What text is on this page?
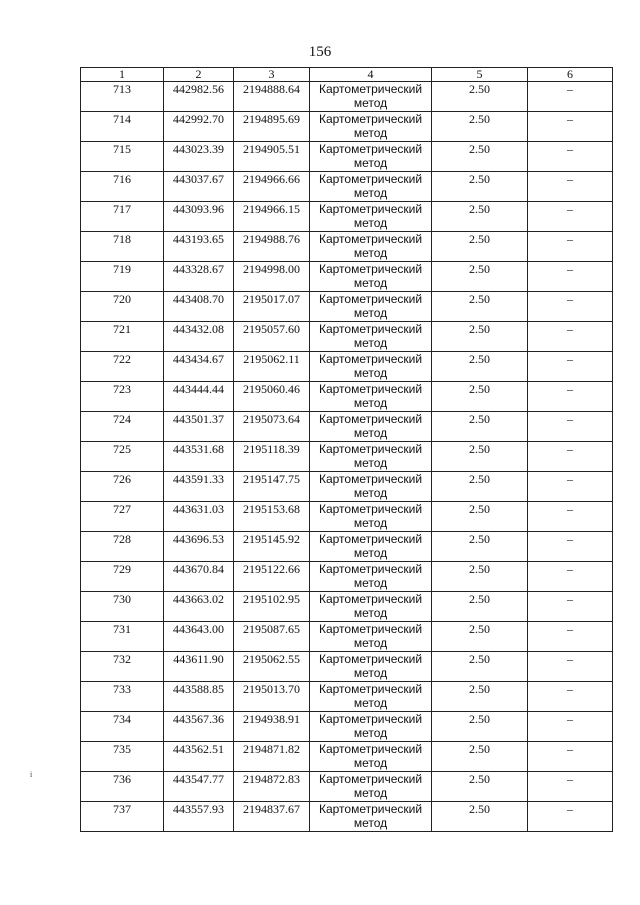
156
1	2	3	4	5	6
713	442982.56	2194888.64	Картометрический метод	2.50	–
714	442992.70	2194895.69	Картометрический метод	2.50	–
715	443023.39	2194905.51	Картометрический метод	2.50	–
716	443037.67	2194966.66	Картометрический метод	2.50	–
717	443093.96	2194966.15	Картометрический метод	2.50	–
718	443193.65	2194988.76	Картометрический метод	2.50	–
719	443328.67	2194998.00	Картометрический метод	2.50	–
720	443408.70	2195017.07	Картометрический метод	2.50	–
721	443432.08	2195057.60	Картометрический метод	2.50	–
722	443434.67	2195062.11	Картометрический метод	2.50	–
723	443444.44	2195060.46	Картометрический метод	2.50	–
724	443501.37	2195073.64	Картометрический метод	2.50	–
725	443531.68	2195118.39	Картометрический метод	2.50	–
726	443591.33	2195147.75	Картометрический метод	2.50	–
727	443631.03	2195153.68	Картометрический метод	2.50	–
728	443696.53	2195145.92	Картометрический метод	2.50	–
729	443670.84	2195122.66	Картометрический метод	2.50	–
730	443663.02	2195102.95	Картометрический метод	2.50	–
731	443643.00	2195087.65	Картометрический метод	2.50	–
732	443611.90	2195062.55	Картометрический метод	2.50	–
733	443588.85	2195013.70	Картометрический метод	2.50	–
734	443567.36	2194938.91	Картометрический метод	2.50	–
735	443562.51	2194871.82	Картометрический метод	2.50	–
736	443547.77	2194872.83	Картометрический метод	2.50	–
737	443557.93	2194837.67	Картометрический метод	2.50	–
i
